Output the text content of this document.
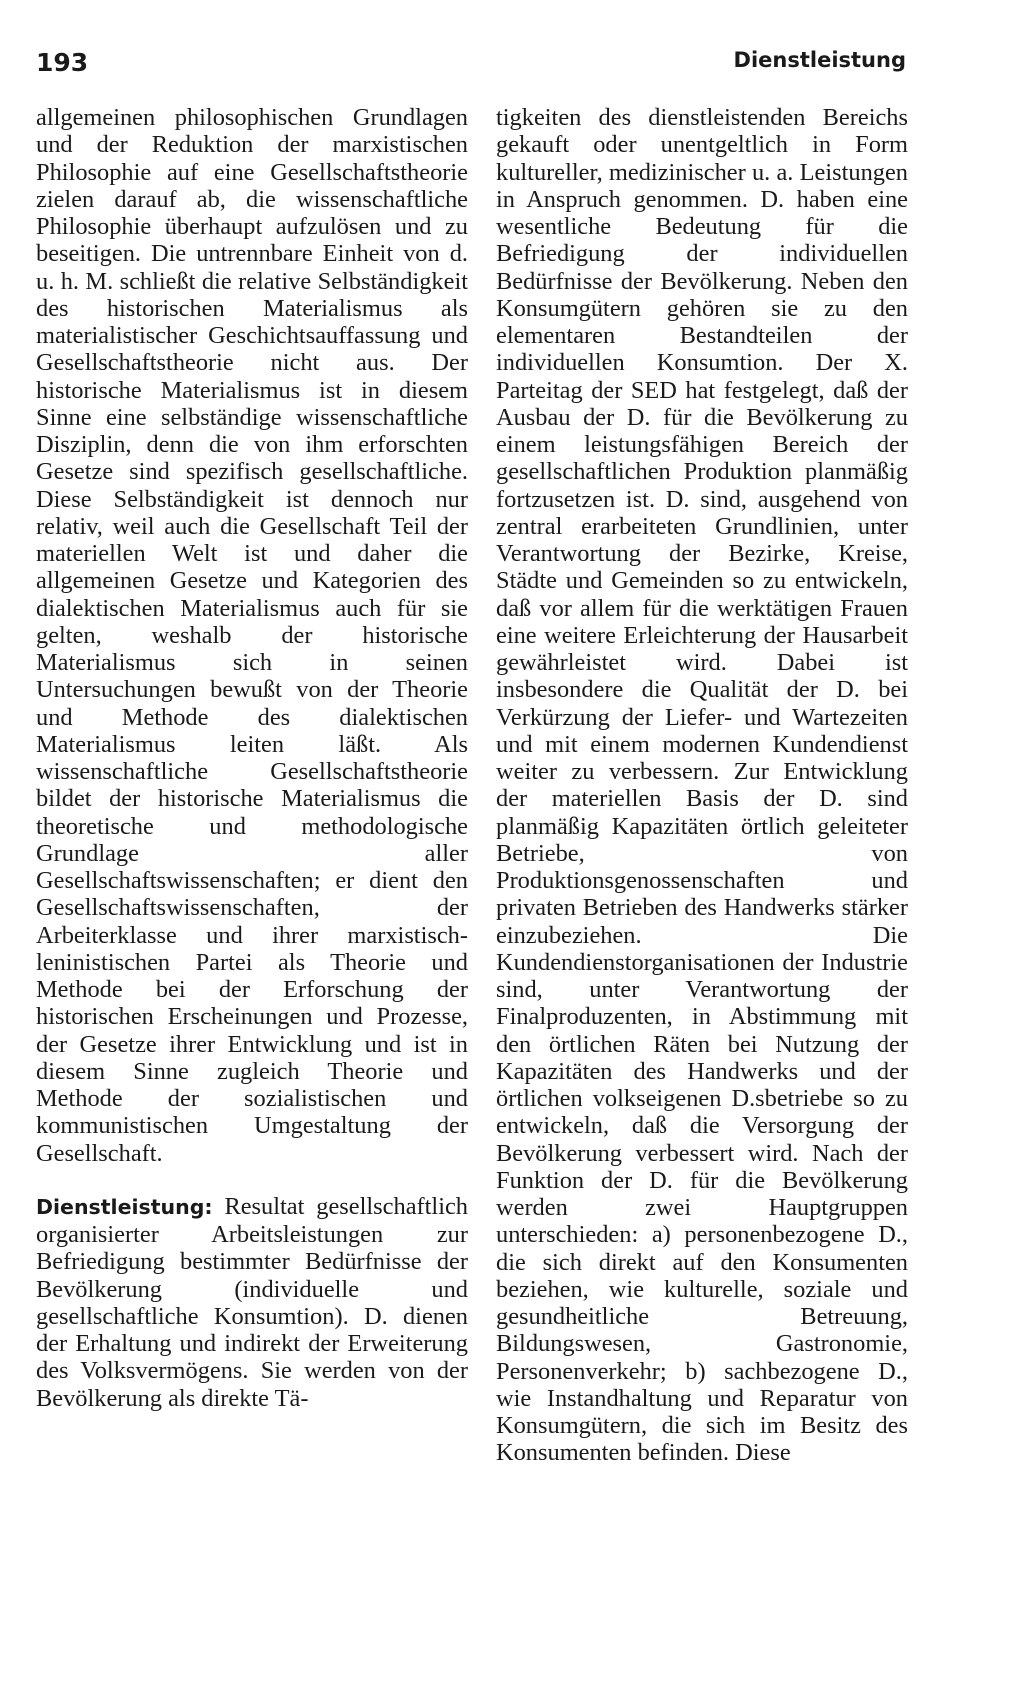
193	Dienstleistung

allgemeinen philosophischen Grundlagen und der Reduktion der marxistischen Philosophie auf eine Gesellschaftstheorie zielen darauf ab, die wissenschaftliche Philosophie überhaupt aufzulösen und zu beseitigen. Die untrennbare Einheit von d. u. h. M. schließt die relative Selbständigkeit des historischen Materialismus als materialistischer Geschichtsauffassung und Gesellschaftstheorie nicht aus. Der historische Materialismus ist in diesem Sinne eine selbständige wissenschaftliche Disziplin, denn die von ihm erforschten Gesetze sind spezifisch gesellschaftliche. Diese Selbständigkeit ist dennoch nur relativ, weil auch die Gesellschaft Teil der materiellen Welt ist und daher die allgemeinen Gesetze und Kategorien des dialektischen Materialismus auch für sie gelten, weshalb der historische Materialismus sich in seinen Untersuchungen bewußt von der Theorie und Methode des dialektischen Materialismus leiten läßt. Als wissenschaftliche Gesellschaftstheorie bildet der historische Materialismus die theoretische und methodologische Grundlage aller Gesellschaftswissenschaften; er dient den Gesellschaftswissenschaften, der Arbeiterklasse und ihrer marxistisch-leninistischen Partei als Theorie und Methode bei der Erforschung der historischen Erscheinungen und Prozesse, der Gesetze ihrer Entwicklung und ist in diesem Sinne zugleich Theorie und Methode der sozialistischen und kommunistischen Umgestaltung der Gesellschaft.

Dienstleistung: Resultat gesellschaftlich organisierter Arbeitsleistungen zur Befriedigung bestimmter Bedürfnisse der Bevölkerung (individuelle und gesellschaftliche Konsumtion). D. dienen der Erhaltung und indirekt der Erweiterung des Volksvermögens. Sie werden von der Bevölkerung als direkte Tä-

tigkeiten des dienstleistenden Bereichs gekauft oder unentgeltlich in Form kultureller, medizinischer u. a. Leistungen in Anspruch genommen. D. haben eine wesentliche Bedeutung für die Befriedigung der individuellen Bedürfnisse der Bevölkerung. Neben den Konsumgütern gehören sie zu den elementaren Bestandteilen der individuellen Konsumtion. Der X. Parteitag der SED hat festgelegt, daß der Ausbau der D. für die Bevölkerung zu einem leistungsfähigen Bereich der gesellschaftlichen Produktion planmäßig fortzusetzen ist. D. sind, ausgehend von zentral erarbeiteten Grundlinien, unter Verantwortung der Bezirke, Kreise, Städte und Gemeinden so zu entwickeln, daß vor allem für die werktätigen Frauen eine weitere Erleichterung der Hausarbeit gewährleistet wird. Dabei ist insbesondere die Qualität der D. bei Verkürzung der Liefer- und Wartezeiten und mit einem modernen Kundendienst weiter zu verbessern. Zur Entwicklung der materiellen Basis der D. sind planmäßig Kapazitäten örtlich geleiteter Betriebe, von Produktionsgenossenschaften und privaten Betrieben des Handwerks stärker einzubeziehen. Die Kundendienstorganisationen der Industrie sind, unter Verantwortung der Finalproduzenten, in Abstimmung mit den örtlichen Räten bei Nutzung der Kapazitäten des Handwerks und der örtlichen volkseigenen D.sbetriebe so zu entwickeln, daß die Versorgung der Bevölkerung verbessert wird. Nach der Funktion der D. für die Bevölkerung werden zwei Hauptgruppen unterschieden: a) personenbezogene D., die sich direkt auf den Konsumenten beziehen, wie kulturelle, soziale und gesundheitliche Betreuung, Bildungswesen, Gastronomie, Personenverkehr; b) sachbezogene D., wie Instandhaltung und Reparatur von Konsumgütern, die sich im Besitz des Konsumenten befinden. Diese
